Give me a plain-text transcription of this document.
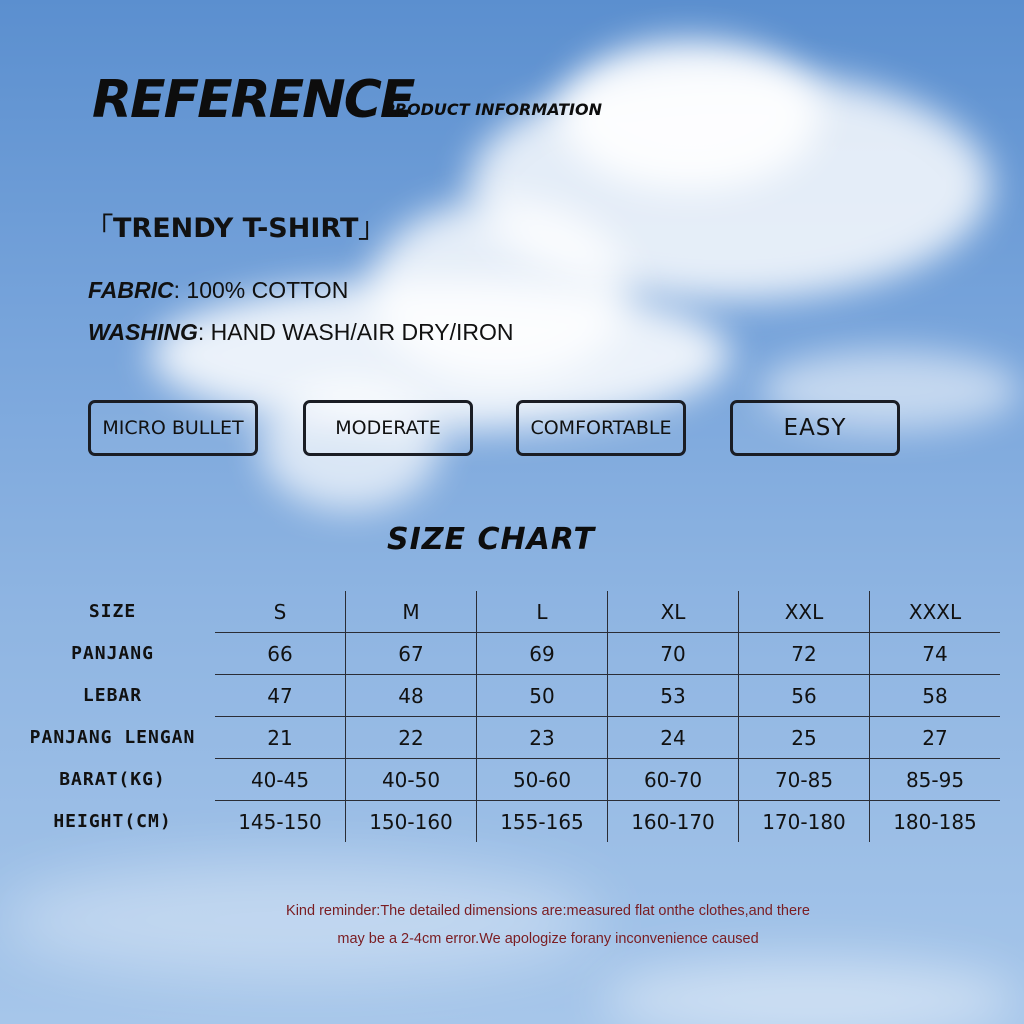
REFERENCE
PRODUCT INFORMATION
「TRENDY T-SHIRT」
FABRIC: 100% COTTON
WASHING: HAND WASH/AIR DRY/IRON
MICRO BULLET	MODERATE	COMFORTABLE	EASY
SIZE CHART
SIZE	S	M	L	XL	XXL	XXXL
PANJANG	66	67	69	70	72	74
LEBAR	47	48	50	53	56	58
PANJANG LENGAN	21	22	23	24	25	27
BARAT(KG)	40-45	40-50	50-60	60-70	70-85	85-95
HEIGHT(CM)	145-150	150-160	155-165	160-170	170-180	180-185
Kind reminder:The detailed dimensions are:measured flat onthe clothes,and there
may be a 2-4cm error.We apologize forany inconvenience caused
